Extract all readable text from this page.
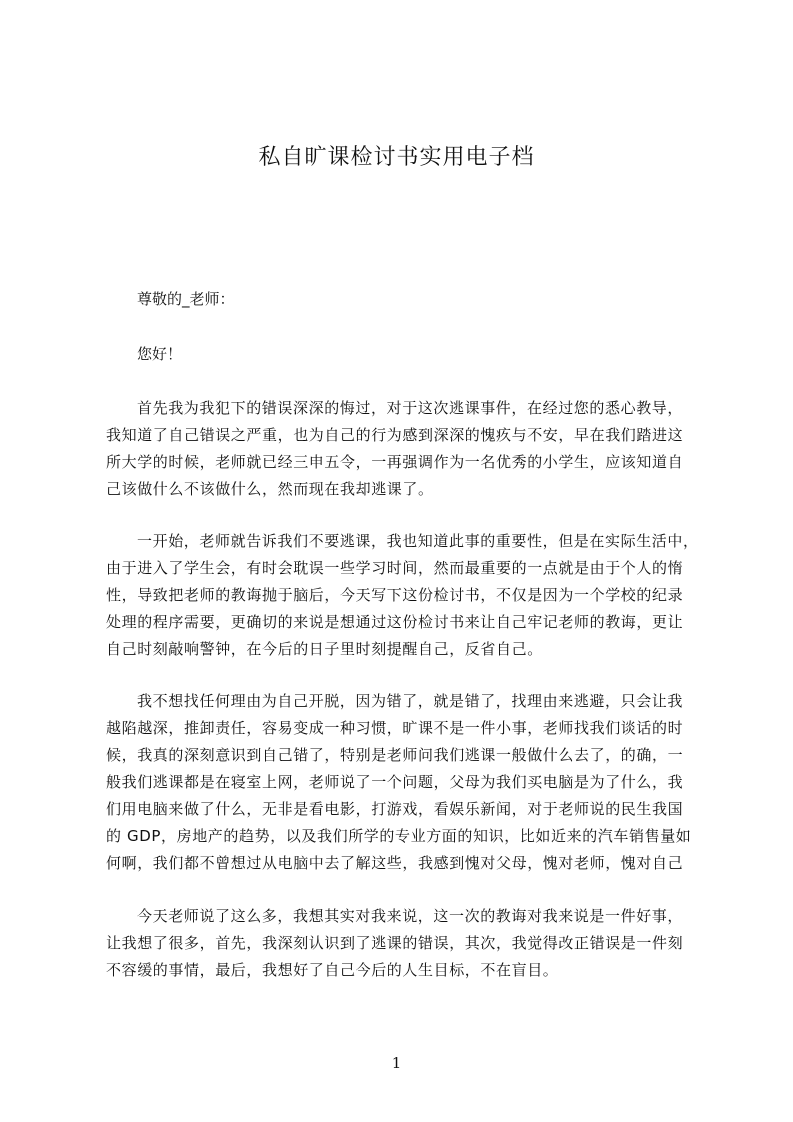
私自旷课检讨书实用电子档
尊敬的_老师：
您好！
首先我为我犯下的错误深深的悔过，对于这次逃课事件，在经过您的悉心教导，
我知道了自己错误之严重，也为自己的行为感到深深的愧疚与不安，早在我们踏进这
所大学的时候，老师就已经三申五令，一再强调作为一名优秀的小学生，应该知道自
己该做什么不该做什么，然而现在我却逃课了。
一开始，老师就告诉我们不要逃课，我也知道此事的重要性，但是在实际生活中，
由于进入了学生会，有时会耽误一些学习时间，然而最重要的一点就是由于个人的惰
性，导致把老师的教诲抛于脑后，今天写下这份检讨书，不仅是因为一个学校的纪录
处理的程序需要，更确切的来说是想通过这份检讨书来让自己牢记老师的教诲，更让
自己时刻敲响警钟，在今后的日子里时刻提醒自己，反省自己。
我不想找任何理由为自己开脱，因为错了，就是错了，找理由来逃避，只会让我
越陷越深，推卸责任，容易变成一种习惯，旷课不是一件小事，老师找我们谈话的时
候，我真的深刻意识到自己错了，特别是老师问我们逃课一般做什么去了，的确，一
般我们逃课都是在寝室上网，老师说了一个问题，父母为我们买电脑是为了什么，我
们用电脑来做了什么，无非是看电影，打游戏，看娱乐新闻，对于老师说的民生我国
的 GDP，房地产的趋势，以及我们所学的专业方面的知识，比如近来的汽车销售量如
何啊，我们都不曾想过从电脑中去了解这些，我感到愧对父母，愧对老师，愧对自己
今天老师说了这么多，我想其实对我来说，这一次的教诲对我来说是一件好事，
让我想了很多，首先，我深刻认识到了逃课的错误，其次，我觉得改正错误是一件刻
不容缓的事情，最后，我想好了自己今后的人生目标，不在盲目。
1
